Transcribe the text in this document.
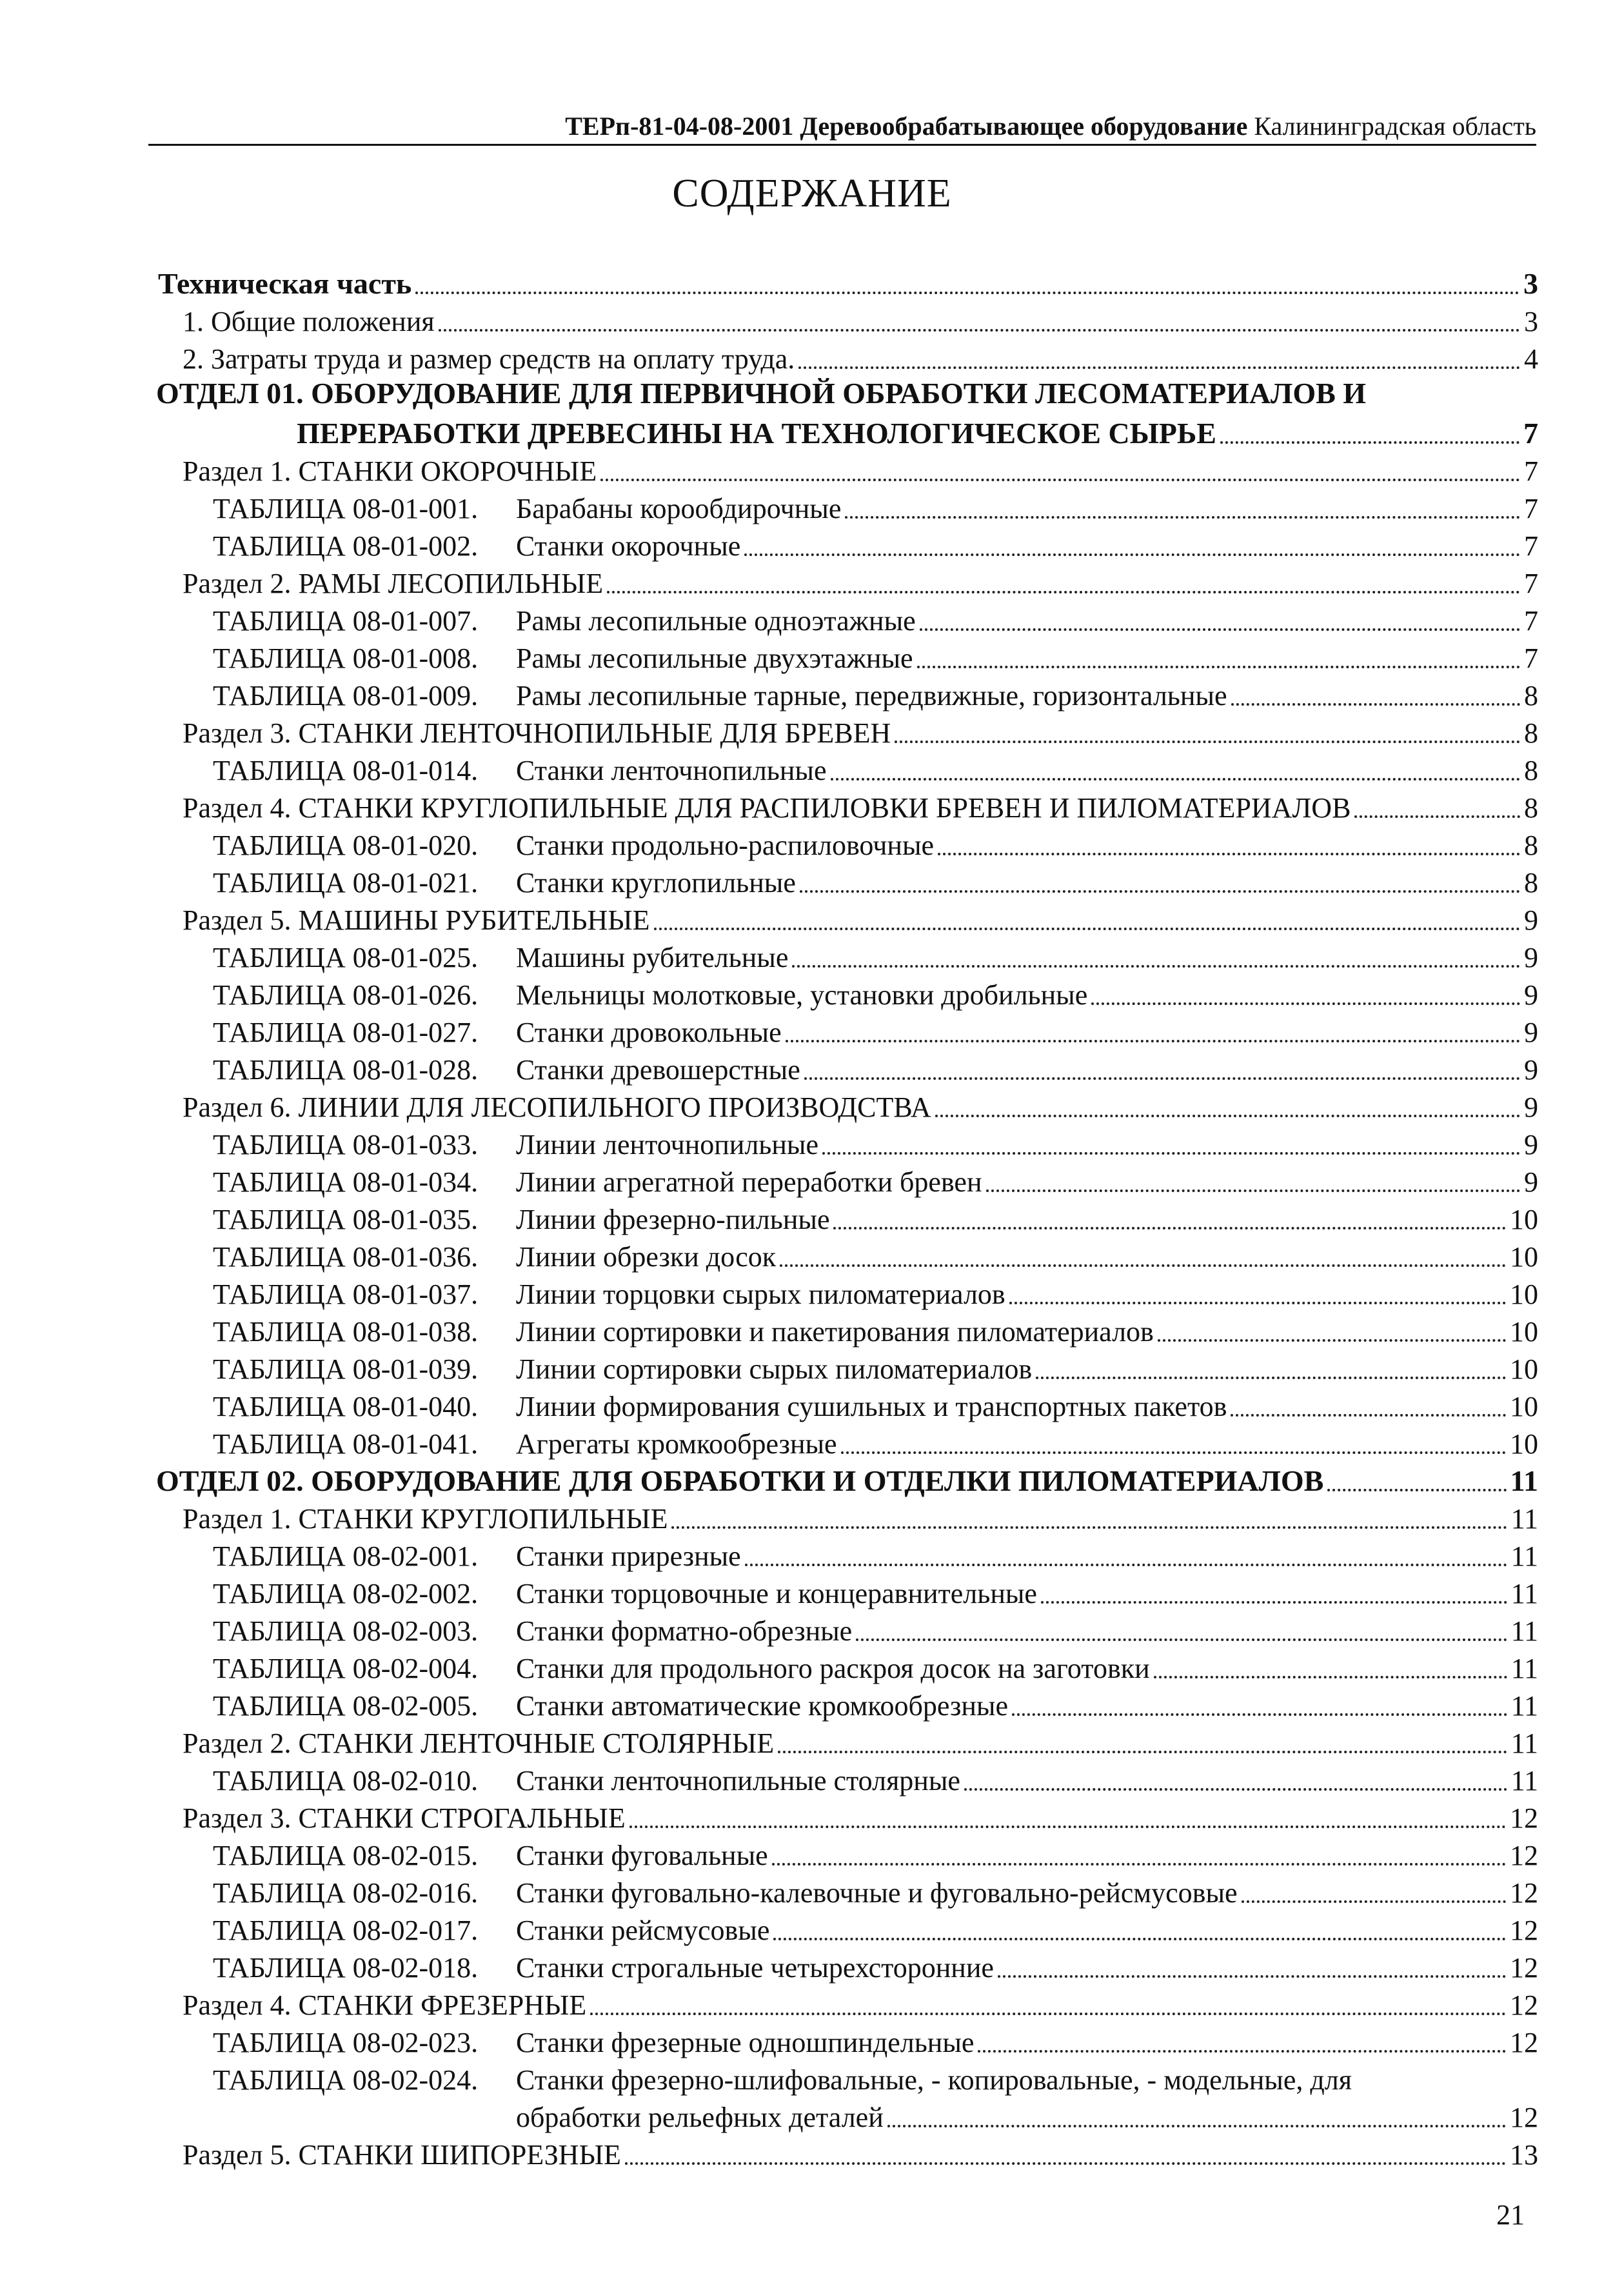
ТЕРп-81-04-08-2001 Деревообрабатывающее оборудование Калининградская область
СОДЕРЖАНИЕ
Техническая часть	3
1. Общие положения	3
2. Затраты труда и размер средств на оплату труда.	4
ОТДЕЛ 01. ОБОРУДОВАНИЕ ДЛЯ ПЕРВИЧНОЙ ОБРАБОТКИ ЛЕСОМАТЕРИАЛОВ И
ПЕРЕРАБОТКИ ДРЕВЕСИНЫ НА ТЕХНОЛОГИЧЕСКОЕ СЫРЬЕ	7
Раздел 1. СТАНКИ ОКОРОЧНЫЕ	7
ТАБЛИЦА 08-01-001. Барабаны корообдирочные	7
ТАБЛИЦА 08-01-002. Станки окорочные	7
Раздел 2. РАМЫ ЛЕСОПИЛЬНЫЕ	7
ТАБЛИЦА 08-01-007. Рамы лесопильные одноэтажные	7
ТАБЛИЦА 08-01-008. Рамы лесопильные двухэтажные	7
ТАБЛИЦА 08-01-009. Рамы лесопильные тарные, передвижные, горизонтальные	8
Раздел 3. СТАНКИ ЛЕНТОЧНОПИЛЬНЫЕ ДЛЯ БРЕВЕН	8
ТАБЛИЦА 08-01-014. Станки ленточнопильные	8
Раздел 4. СТАНКИ КРУГЛОПИЛЬНЫЕ ДЛЯ РАСПИЛОВКИ БРЕВЕН И ПИЛОМАТЕРИАЛОВ	8
ТАБЛИЦА 08-01-020. Станки продольно-распиловочные	8
ТАБЛИЦА 08-01-021. Станки круглопильные	8
Раздел 5. МАШИНЫ РУБИТЕЛЬНЫЕ	9
ТАБЛИЦА 08-01-025. Машины рубительные	9
ТАБЛИЦА 08-01-026. Мельницы молотковые, установки дробильные	9
ТАБЛИЦА 08-01-027. Станки дровокольные	9
ТАБЛИЦА 08-01-028. Станки древошерстные	9
Раздел 6. ЛИНИИ ДЛЯ ЛЕСОПИЛЬНОГО ПРОИЗВОДСТВА	9
ТАБЛИЦА 08-01-033. Линии ленточнопильные	9
ТАБЛИЦА 08-01-034. Линии агрегатной переработки бревен	9
ТАБЛИЦА 08-01-035. Линии фрезерно-пильные	10
ТАБЛИЦА 08-01-036. Линии обрезки досок	10
ТАБЛИЦА 08-01-037. Линии торцовки сырых пиломатериалов	10
ТАБЛИЦА 08-01-038. Линии сортировки и пакетирования пиломатериалов	10
ТАБЛИЦА 08-01-039. Линии сортировки сырых пиломатериалов	10
ТАБЛИЦА 08-01-040. Линии формирования сушильных и транспортных пакетов	10
ТАБЛИЦА 08-01-041. Агрегаты кромкообрезные	10
ОТДЕЛ 02. ОБОРУДОВАНИЕ ДЛЯ ОБРАБОТКИ И ОТДЕЛКИ ПИЛОМАТЕРИАЛОВ	11
Раздел 1. СТАНКИ КРУГЛОПИЛЬНЫЕ	11
ТАБЛИЦА 08-02-001. Станки прирезные	11
ТАБЛИЦА 08-02-002. Станки торцовочные и концеравнительные	11
ТАБЛИЦА 08-02-003. Станки форматно-обрезные	11
ТАБЛИЦА 08-02-004. Станки для продольного раскроя досок на заготовки	11
ТАБЛИЦА 08-02-005. Станки автоматические кромкообрезные	11
Раздел 2. СТАНКИ ЛЕНТОЧНЫЕ СТОЛЯРНЫЕ	11
ТАБЛИЦА 08-02-010. Станки ленточнопильные столярные	11
Раздел 3. СТАНКИ СТРОГАЛЬНЫЕ	12
ТАБЛИЦА 08-02-015. Станки фуговальные	12
ТАБЛИЦА 08-02-016. Станки фуговально-калевочные и фуговально-рейсмусовые	12
ТАБЛИЦА 08-02-017. Станки рейсмусовые	12
ТАБЛИЦА 08-02-018. Станки строгальные четырехсторонние	12
Раздел 4. СТАНКИ ФРЕЗЕРНЫЕ	12
ТАБЛИЦА 08-02-023. Станки фрезерные одношпиндельные	12
ТАБЛИЦА 08-02-024. Станки фрезерно-шлифовальные, - копировальные, - модельные, для
обработки рельефных деталей	12
Раздел 5. СТАНКИ ШИПОРЕЗНЫЕ	13
21
